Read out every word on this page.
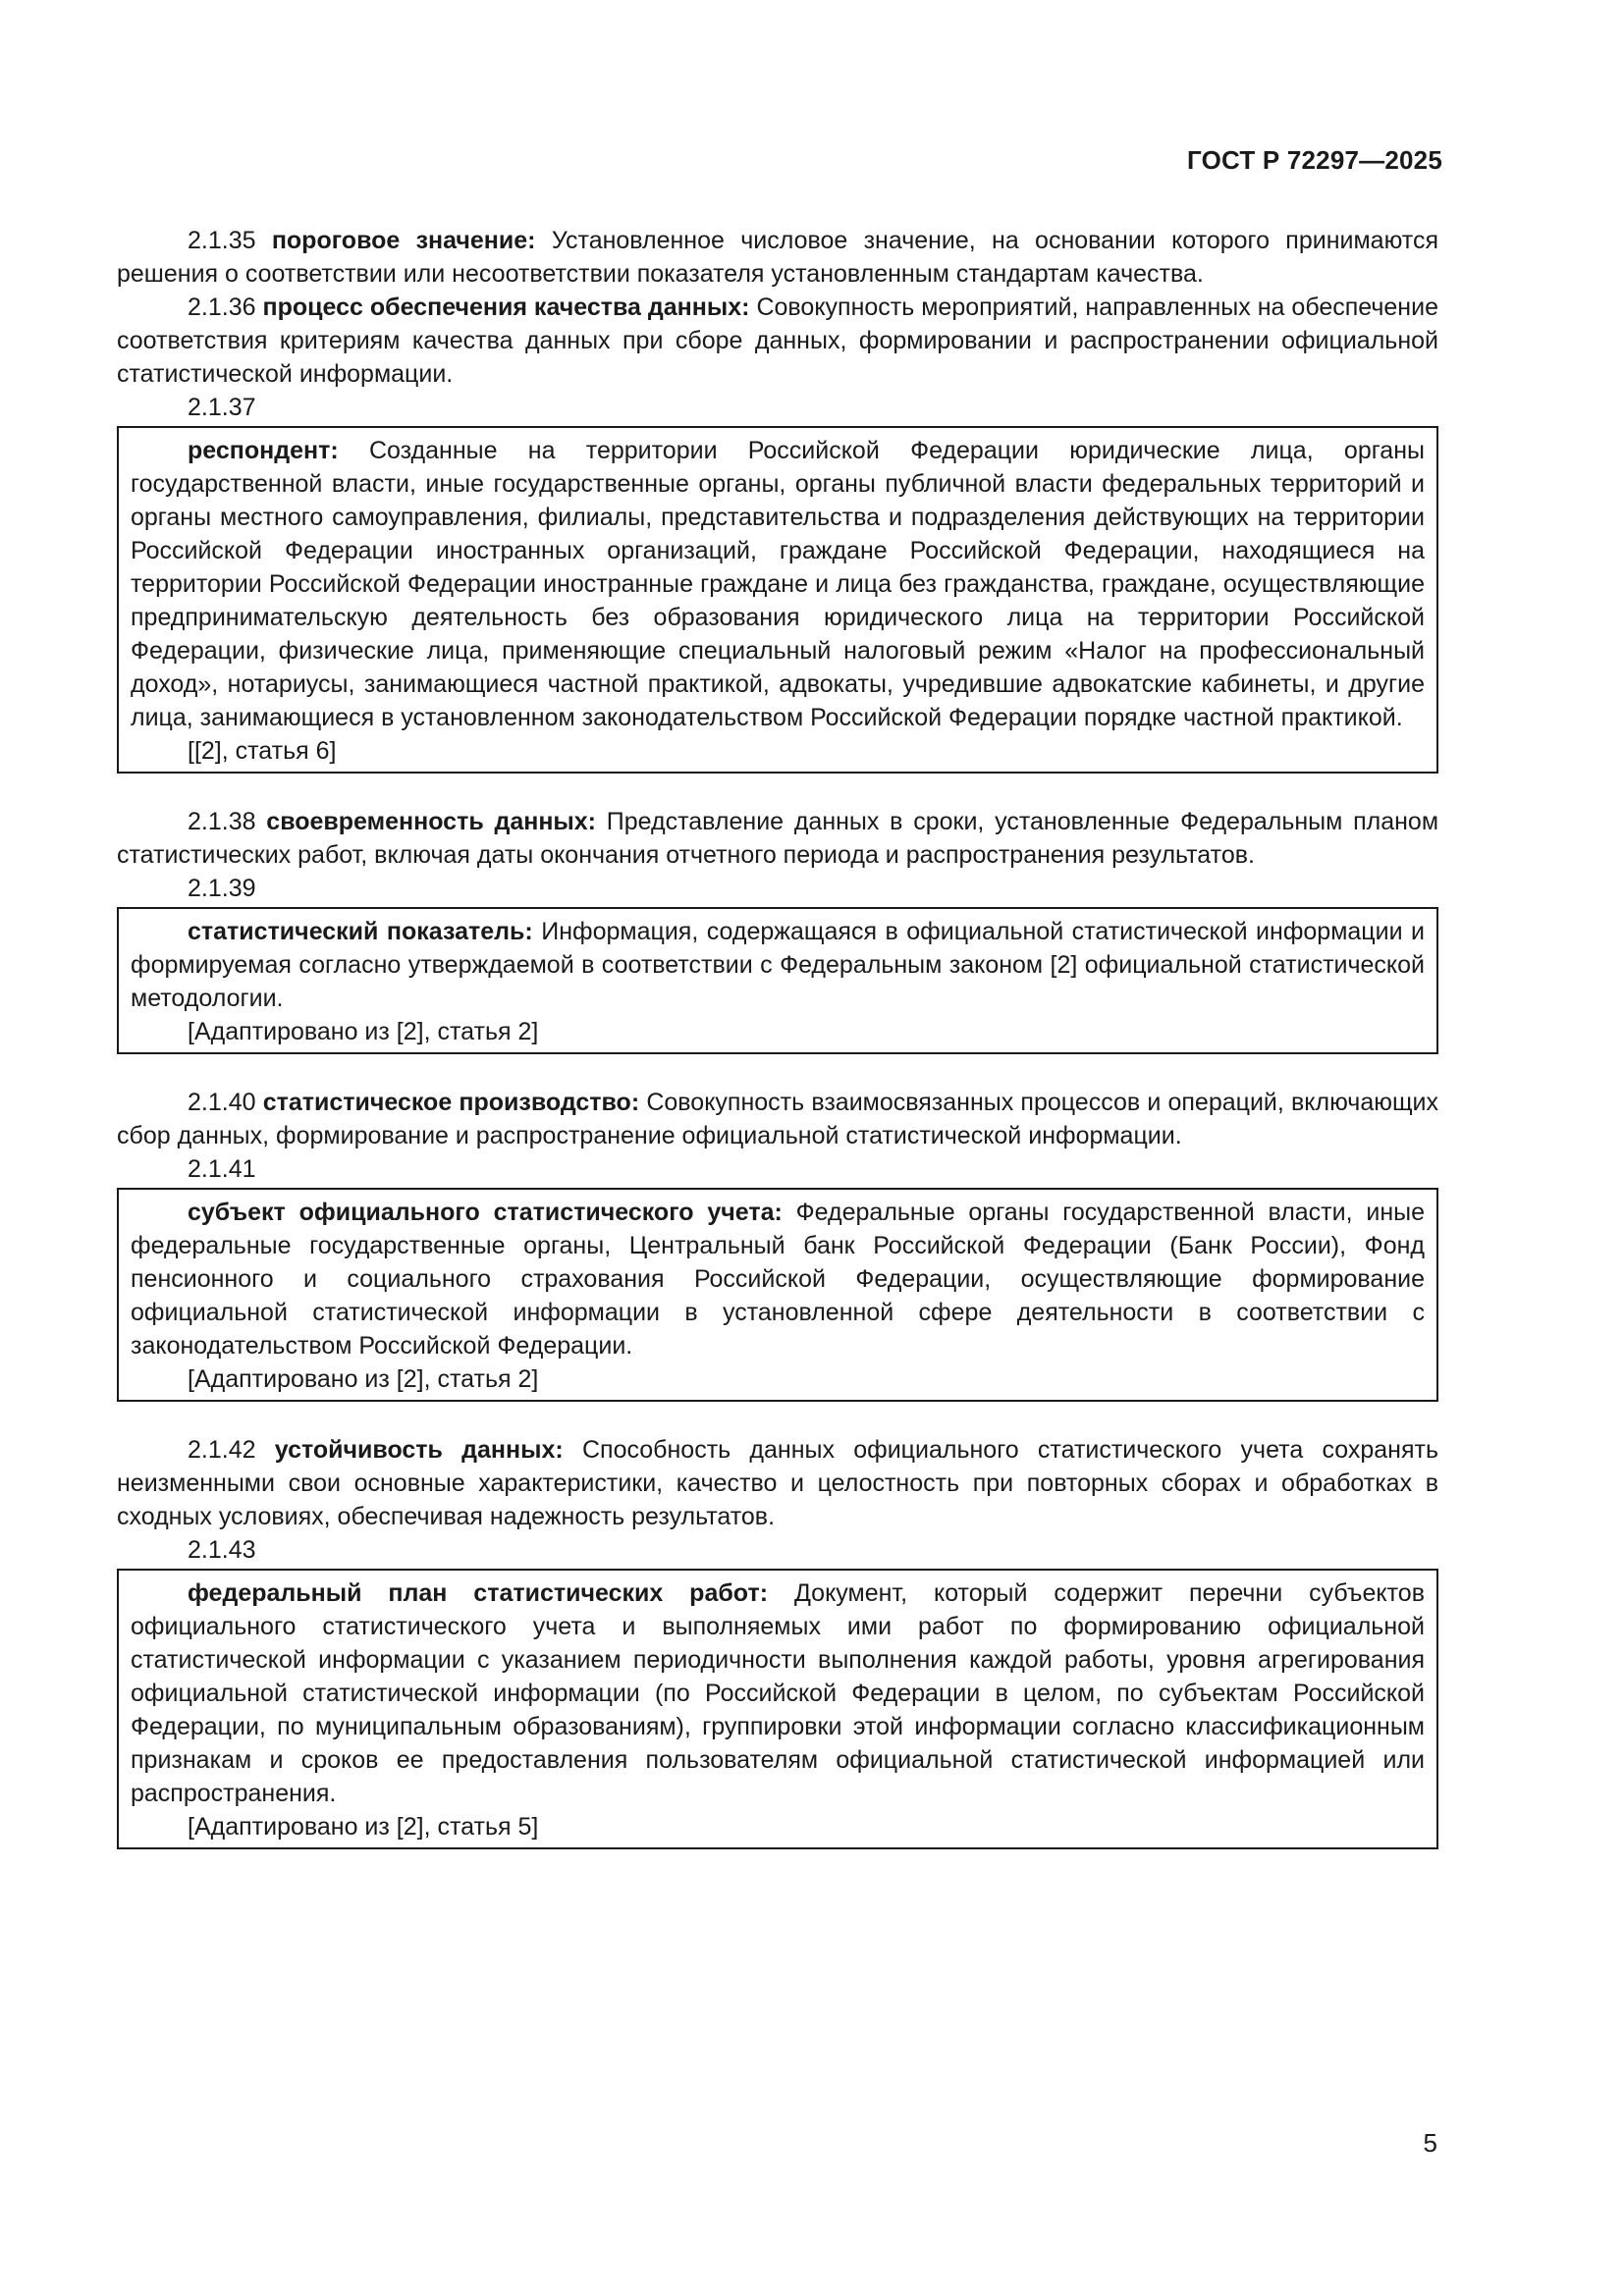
ГОСТ Р 72297—2025

2.1.35 пороговое значение: Установленное числовое значение, на основании которого принимаются решения о соответствии или несоответствии показателя установленным стандартам качества.

2.1.36 процесс обеспечения качества данных: Совокупность мероприятий, направленных на обеспечение соответствия критериям качества данных при сборе данных, формировании и распространении официальной статистической информации.

2.1.37

респондент: Созданные на территории Российской Федерации юридические лица, органы государственной власти, иные государственные органы, органы публичной власти федеральных территорий и органы местного самоуправления, филиалы, представительства и подразделения действующих на территории Российской Федерации иностранных организаций, граждане Российской Федерации, находящиеся на территории Российской Федерации иностранные граждане и лица без гражданства, граждане, осуществляющие предпринимательскую деятельность без образования юридического лица на территории Российской Федерации, физические лица, применяющие специальный налоговый режим «Налог на профессиональный доход», нотариусы, занимающиеся частной практикой, адвокаты, учредившие адвокатские кабинеты, и другие лица, занимающиеся в установленном законодательством Российской Федерации порядке частной практикой.

[[2], статья 6]

2.1.38 своевременность данных: Представление данных в сроки, установленные Федеральным планом статистических работ, включая даты окончания отчетного периода и распространения результатов.

2.1.39

статистический показатель: Информация, содержащаяся в официальной статистической информации и формируемая согласно утверждаемой в соответствии с Федеральным законом [2] официальной статистической методологии.

[Адаптировано из [2], статья 2]

2.1.40 статистическое производство: Совокупность взаимосвязанных процессов и операций, включающих сбор данных, формирование и распространение официальной статистической информации.

2.1.41

субъект официального статистического учета: Федеральные органы государственной власти, иные федеральные государственные органы, Центральный банк Российской Федерации (Банк России), Фонд пенсионного и социального страхования Российской Федерации, осуществляющие формирование официальной статистической информации в установленной сфере деятельности в соответствии с законодательством Российской Федерации.

[Адаптировано из [2], статья 2]

2.1.42 устойчивость данных: Способность данных официального статистического учета сохранять неизменными свои основные характеристики, качество и целостность при повторных сборах и обработках в сходных условиях, обеспечивая надежность результатов.

2.1.43

федеральный план статистических работ: Документ, который содержит перечни субъектов официального статистического учета и выполняемых ими работ по формированию официальной статистической информации с указанием периодичности выполнения каждой работы, уровня агрегирования официальной статистической информации (по Российской Федерации в целом, по субъектам Российской Федерации, по муниципальным образованиям), группировки этой информации согласно классификационным признакам и сроков ее предоставления пользователям официальной статистической информацией или распространения.

[Адаптировано из [2], статья 5]

5
